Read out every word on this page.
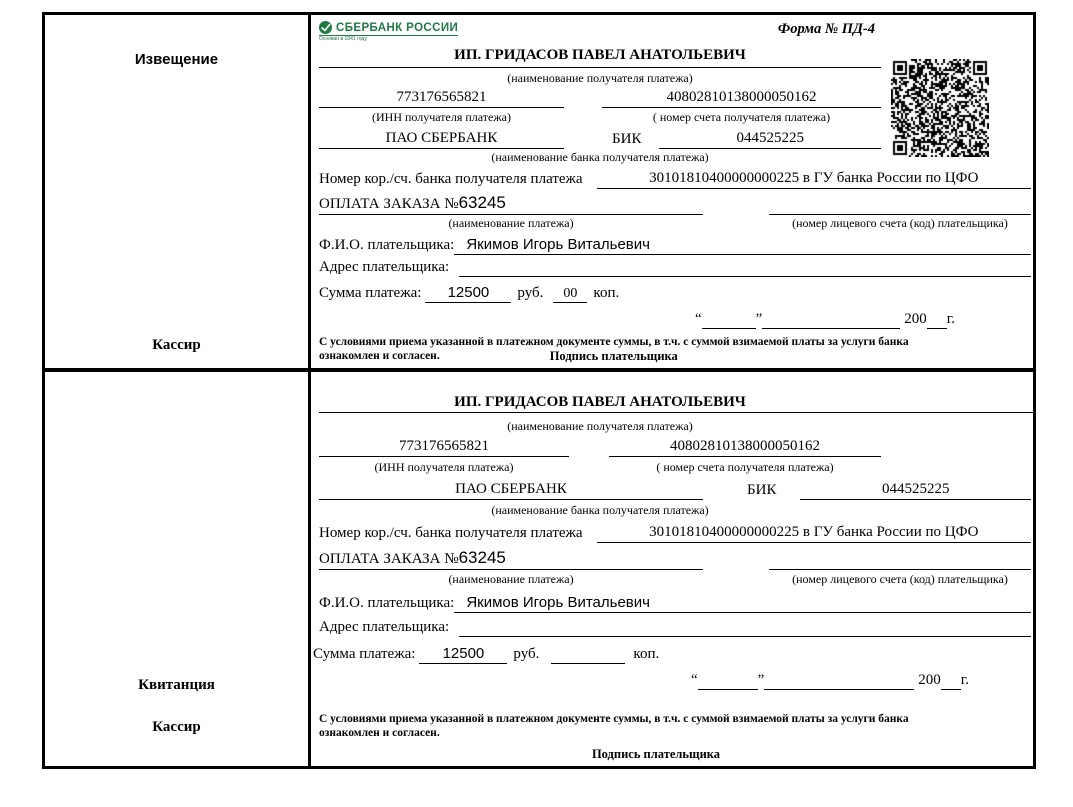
Извещение
Кассир
СБЕРБАНК РОССИИ
Основан в 1841 году
Форма № ПД-4
ИП. ГРИДАСОВ ПАВЕЛ АНАТОЛЬЕВИЧ
(наименование получателя платежа)
773176565821	40802810138000050162
(ИНН получателя платежа)	( номер счета получателя платежа)
ПАО СБЕРБАНК	БИК	044525225
(наименование банка получателя платежа)
Номер кор./сч. банка получателя платежа	30101810400000000225 в ГУ банка России по ЦФО
ОПЛАТА ЗАКАЗА №63245
(наименование платежа)	(номер лицевого счета (код) плательщика)
Ф.И.О. плательщика: Якимов Игорь Витальевич
Адрес плательщика:
Сумма платежа:	12500	руб.	00	коп.
“	”	200 г.
С условиями приема указанной в платежном документе суммы, в т.ч. с суммой взимаемой платы за услуги банка
ознакомлен и согласен.	Подпись плательщика
Квитанция
Кассир
ИП. ГРИДАСОВ ПАВЕЛ АНАТОЛЬЕВИЧ
(наименование получателя платежа)
773176565821	40802810138000050162
(ИНН получателя платежа)	( номер счета получателя платежа)
ПАО СБЕРБАНК	БИК	044525225
(наименование банка получателя платежа)
Номер кор./сч. банка получателя платежа	30101810400000000225 в ГУ банка России по ЦФО
ОПЛАТА ЗАКАЗА №63245
(наименование платежа)	(номер лицевого счета (код) плательщика)
Ф.И.О. плательщика: Якимов Игорь Витальевич
Адрес плательщика:
Сумма платежа:	12500	руб.	коп.
“	”	200 г.
С условиями приема указанной в платежном документе суммы, в т.ч. с суммой взимаемой платы за услуги банка
ознакомлен и согласен.
Подпись плательщика
